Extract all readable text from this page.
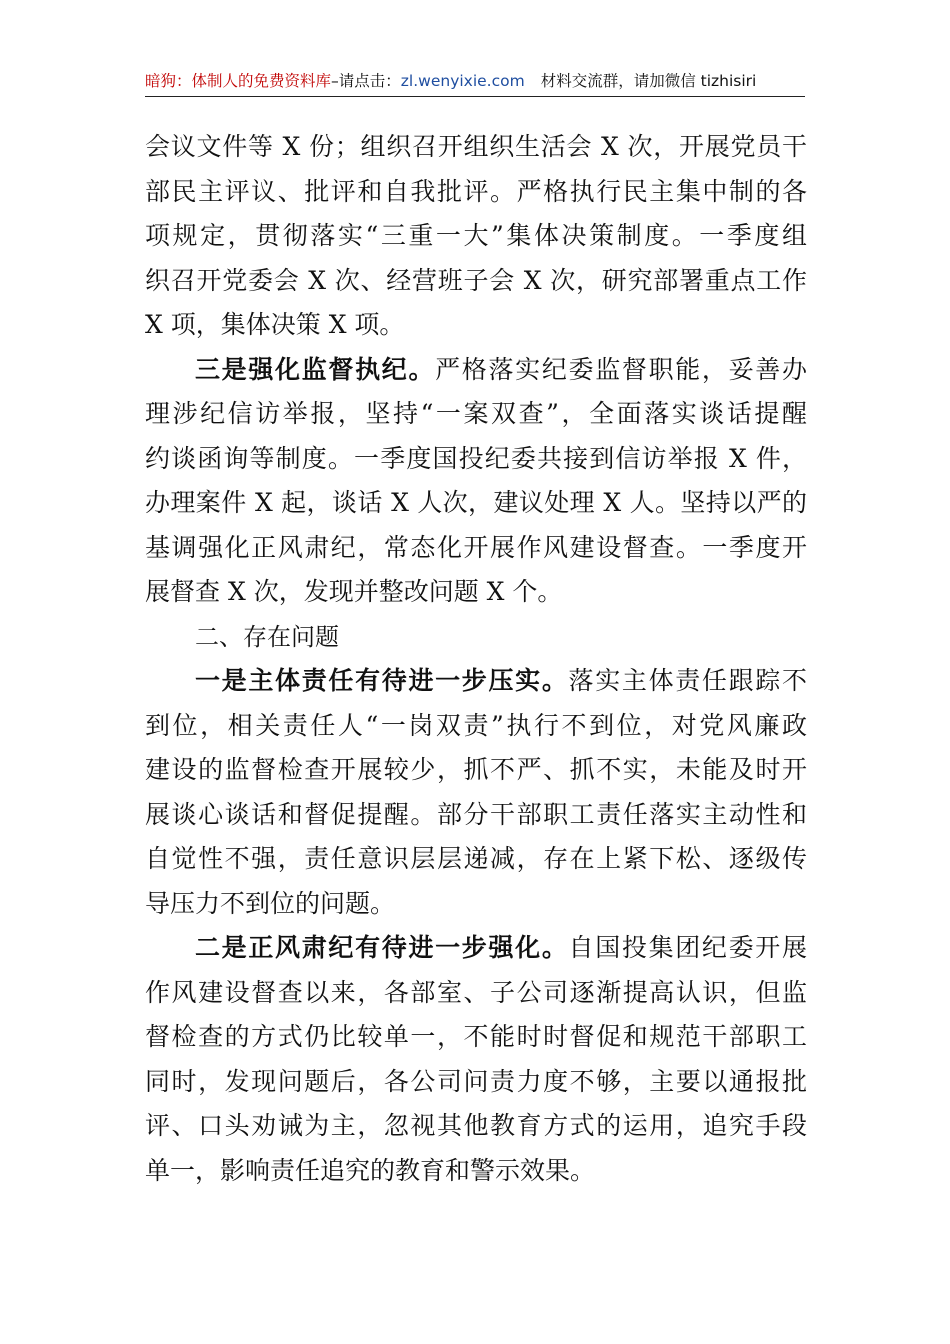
暗狗：体制人的免费资料库–请点击：zl.wenyixie.com 材料交流群，请加微信 tizhisiri
会议文件等 X 份；组织召开组织生活会 X 次，开展党员干
部民主评议、批评和自我批评。严格执行民主集中制的各
项规定，贯彻落实“三重一大”集体决策制度。一季度组
织召开党委会 X 次、经营班子会 X 次，研究部署重点工作
X 项，集体决策 X 项。
三是强化监督执纪。严格落实纪委监督职能，妥善办
理涉纪信访举报，坚持“一案双查”，全面落实谈话提醒
约谈函询等制度。一季度国投纪委共接到信访举报 X 件，
办理案件 X 起，谈话 X 人次，建议处理 X 人。坚持以严的
基调强化正风肃纪，常态化开展作风建设督查。一季度开
展督查 X 次，发现并整改问题 X 个。
二、存在问题
一是主体责任有待进一步压实。落实主体责任跟踪不
到位，相关责任人“一岗双责”执行不到位，对党风廉政
建设的监督检查开展较少，抓不严、抓不实，未能及时开
展谈心谈话和督促提醒。部分干部职工责任落实主动性和
自觉性不强，责任意识层层递减，存在上紧下松、逐级传
导压力不到位的问题。
二是正风肃纪有待进一步强化。自国投集团纪委开展
作风建设督查以来，各部室、子公司逐渐提高认识，但监
督检查的方式仍比较单一，不能时时督促和规范干部职工
同时，发现问题后，各公司问责力度不够，主要以通报批
评、口头劝诫为主，忽视其他教育方式的运用，追究手段
单一，影响责任追究的教育和警示效果。
